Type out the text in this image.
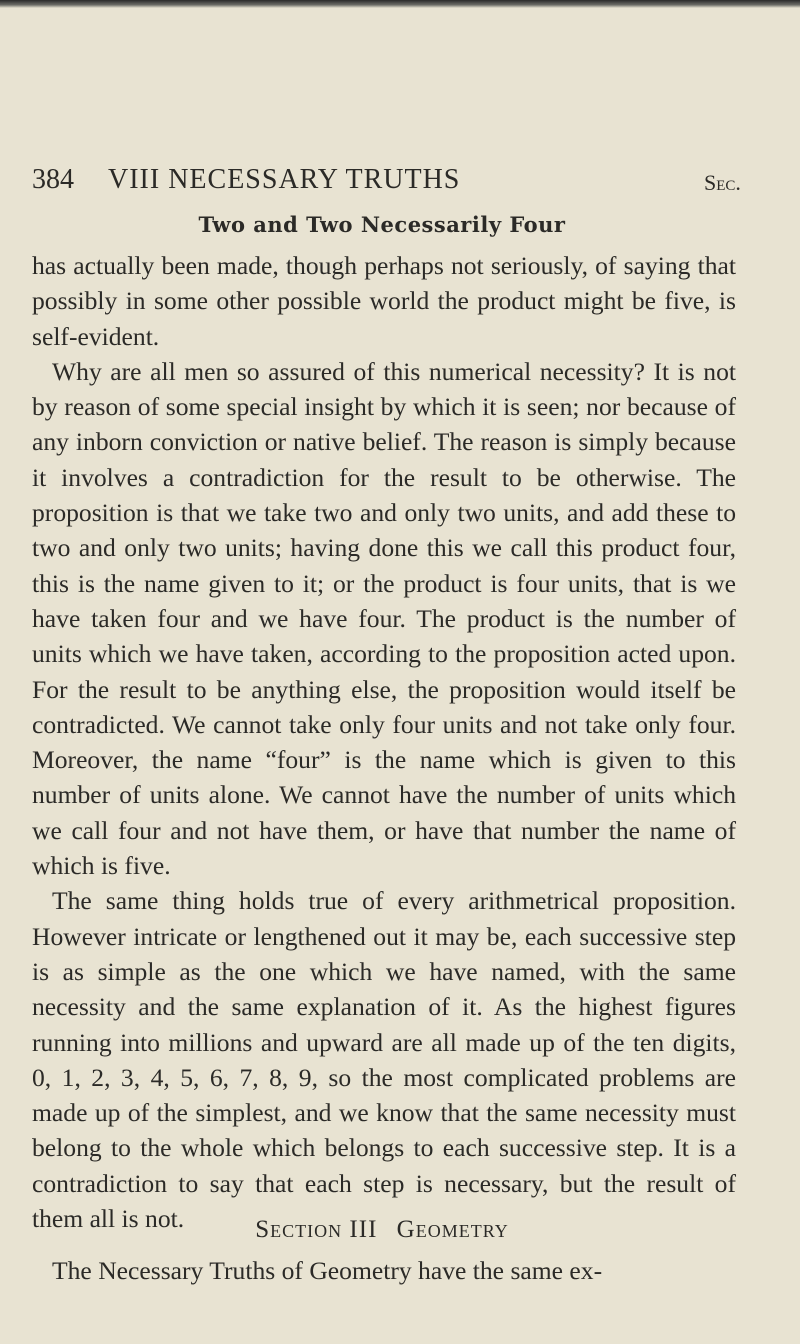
384 VIII NECESSARY TRUTHS	Sec.
Two and Two Necessarily Four

has actually been made, though perhaps not seriously, of saying that possibly in some other possible world the product might be five, is self-evident.

Why are all men so assured of this numerical necessity? It is not by reason of some special insight by which it is seen; nor because of any inborn conviction or native belief. The reason is simply because it involves a contradiction for the result to be otherwise. The proposition is that we take two and only two units, and add these to two and only two units; having done this we call this product four, this is the name given to it; or the product is four units, that is we have taken four and we have four. The product is the number of units which we have taken, according to the proposition acted upon. For the result to be anything else, the proposition would itself be contradicted. We cannot take only four units and not take only four. Moreover, the name “four” is the name which is given to this number of units alone. We cannot have the number of units which we call four and not have them, or have that number the name of which is five.

The same thing holds true of every arithmetrical proposition. However intricate or lengthened out it may be, each successive step is as simple as the one which we have named, with the same necessity and the same explanation of it. As the highest figures running into millions and upward are all made up of the ten digits, 0, 1, 2, 3, 4, 5, 6, 7, 8, 9, so the most complicated problems are made up of the simplest, and we know that the same necessity must belong to the whole which belongs to each successive step. It is a contradiction to say that each step is necessary, but the result of them all is not.	Section III Geometry
The Necessary Truths of Geometry have the same ex-
